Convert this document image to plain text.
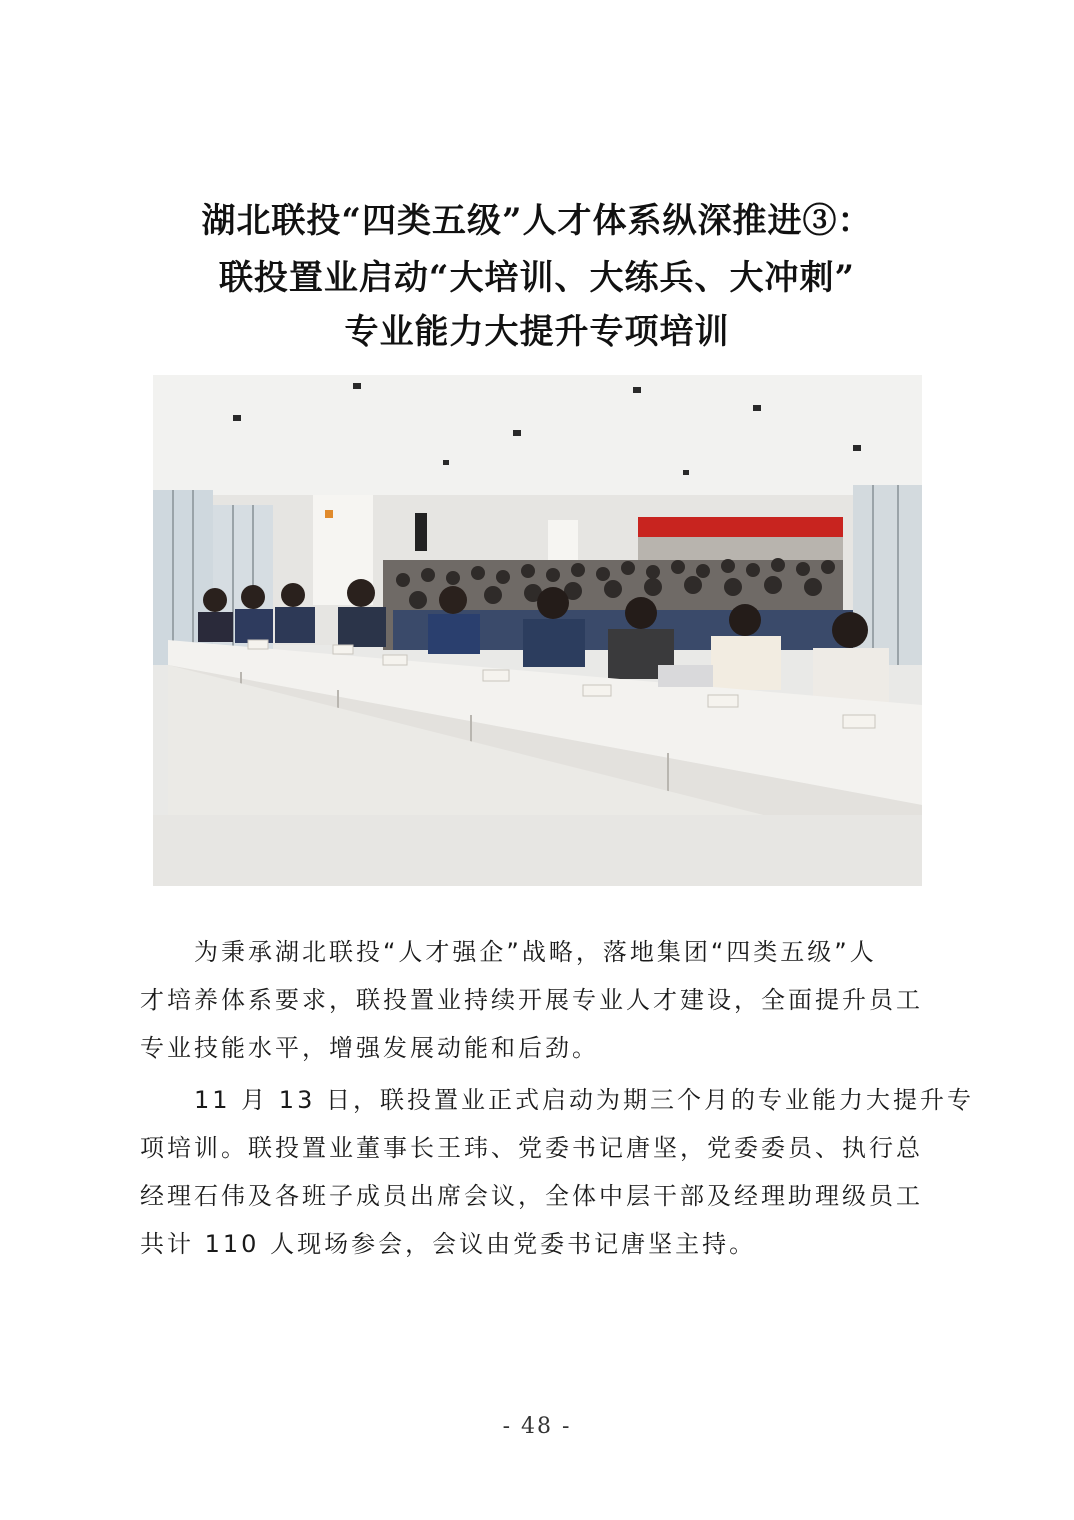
湖北联投“四类五级”人才体系纵深推进③：
联投置业启动“大培训、大练兵、大冲刺”
专业能力大提升专项培训

　　为秉承湖北联投“人才强企”战略，落地集团“四类五级”人
才培养体系要求，联投置业持续开展专业人才建设，全面提升员工
专业技能水平，增强发展动能和后劲。

　　11 月 13 日，联投置业正式启动为期三个月的专业能力大提升专
项培训。联投置业董事长王玮、党委书记唐坚，党委委员、执行总
经理石伟及各班子成员出席会议，全体中层干部及经理助理级员工
共计 110 人现场参会，会议由党委书记唐坚主持。

- 48 -
